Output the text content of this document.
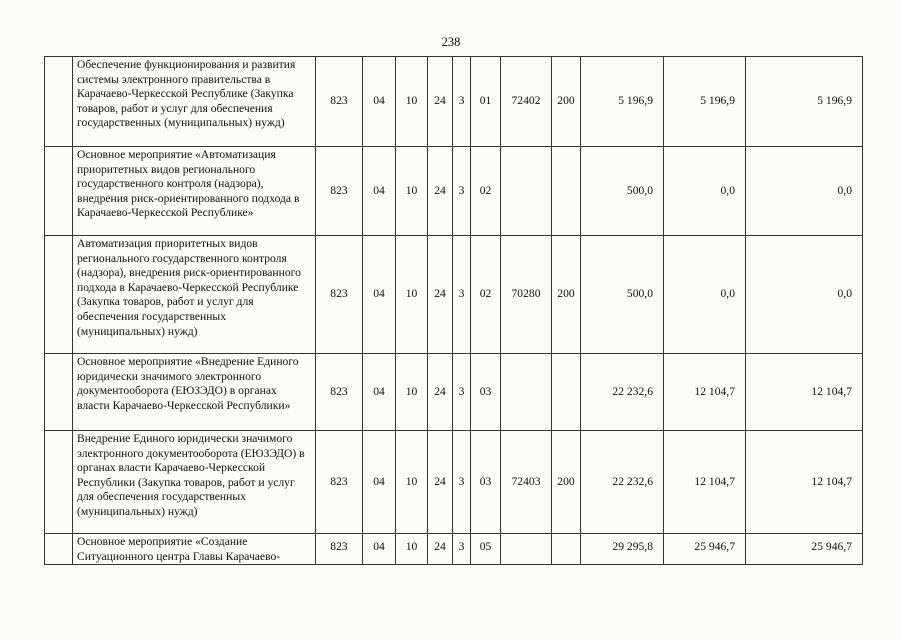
238
	Обеспечение функционирования и развития системы электронного правительства в Карачаево-Черкесской Республике (Закупка товаров, работ и услуг для обеспечения государственных (муниципальных) нужд)	823	04	10	24	3	01	72402	200	5 196,9	5 196,9	5 196,9
	Основное мероприятие «Автоматизация приоритетных видов регионального государственного контроля (надзора), внедрения риск-ориентированного подхода в Карачаево-Черкесской Республике»	823	04	10	24	3	02			500,0	0,0	0,0
	Автоматизация приоритетных видов регионального государственного контроля (надзора), внедрения риск-ориентированного подхода в Карачаево-Черкесской Республике (Закупка товаров, работ и услуг для обеспечения государственных (муниципальных) нужд)	823	04	10	24	3	02	70280	200	500,0	0,0	0,0
	Основное мероприятие «Внедрение Единого юридически значимого электронного документооборота (ЕЮЗЭДО) в органах власти Карачаево-Черкесской Республики»	823	04	10	24	3	03			22 232,6	12 104,7	12 104,7
	Внедрение Единого юридически значимого электронного документооборота (ЕЮЗЭДО) в органах власти Карачаево-Черкесской Республики (Закупка товаров, работ и услуг для обеспечения государственных (муниципальных) нужд)	823	04	10	24	3	03	72403	200	22 232,6	12 104,7	12 104,7
	Основное мероприятие «Создание Ситуационного центра Главы Карачаево-	823	04	10	24	3	05			29 295,8	25 946,7	25 946,7
